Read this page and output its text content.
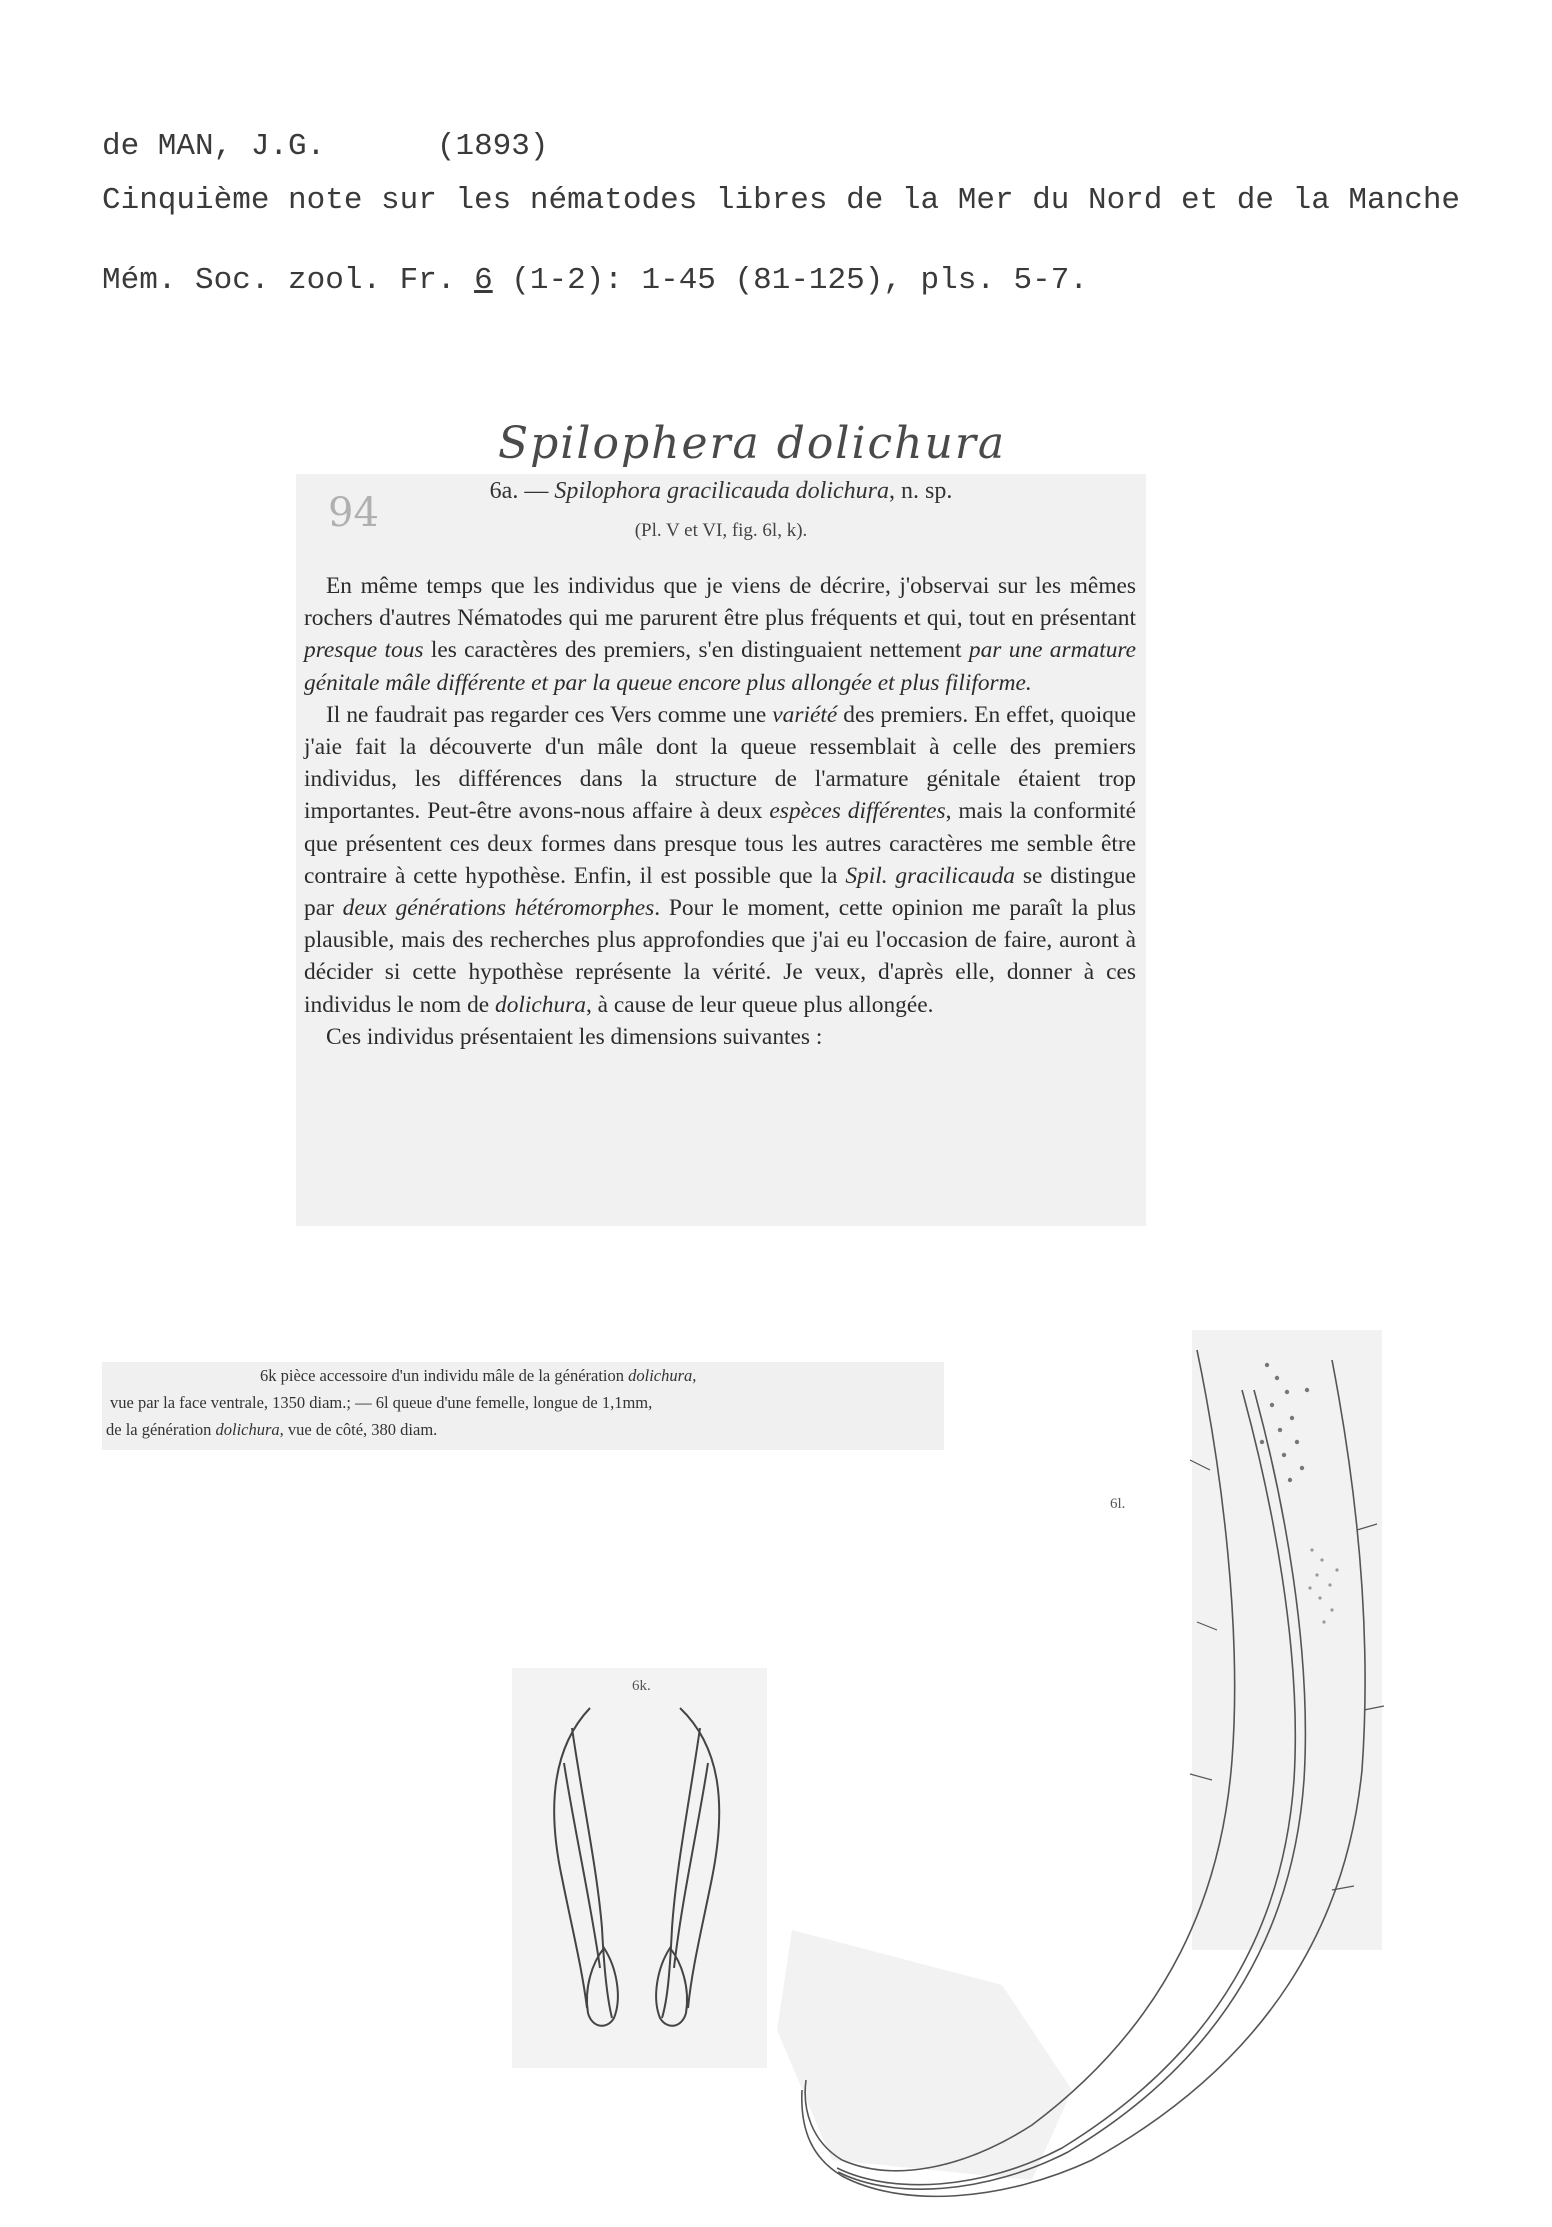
de MAN, J.G.	(1893)
Cinquième note sur les nématodes libres de la Mer du Nord et de la Manche
Mém. Soc. zool. Fr. 6 (1-2): 1-45 (81-125), pls. 5-7.
Spilophera dolichura
94	6a. — Spilophora gracilicauda dolichura, n. sp.
(Pl. V et VI, fig. 6l, k).

En même temps que les individus que je viens de décrire, j'observai sur les mêmes rochers d'autres Nématodes qui me parurent être plus fréquents et qui, tout en présentant presque tous les caractères des premiers, s'en distinguaient nettement par une armature génitale mâle différente et par la queue encore plus allongée et plus filiforme.

Il ne faudrait pas regarder ces Vers comme une variété des premiers. En effet, quoique j'aie fait la découverte d'un mâle dont la queue ressemblait à celle des premiers individus, les différences dans la structure de l'armature génitale étaient trop importantes. Peut-être avons-nous affaire à deux espèces différentes, mais la conformité que présentent ces deux formes dans presque tous les autres caractères me semble être contraire à cette hypothèse. Enfin, il est possible que la Spil. gracilicauda se distingue par deux générations hétéromorphes. Pour le moment, cette opinion me paraît la plus plausible, mais des recherches plus approfondies que j'ai eu l'occasion de faire, auront à décider si cette hypothèse représente la vérité. Je veux, d'après elle, donner à ces individus le nom de dolichura, à cause de leur queue plus allongée.

Ces individus présentaient les dimensions suivantes :

6k pièce accessoire d'un individu mâle de la génération dolichura,
vue par la face ventrale, 1350 diam.; — 6l queue d'une femelle, longue de 1,1mm,
de la génération dolichura, vue de côté, 380 diam.
6k.
6l.
